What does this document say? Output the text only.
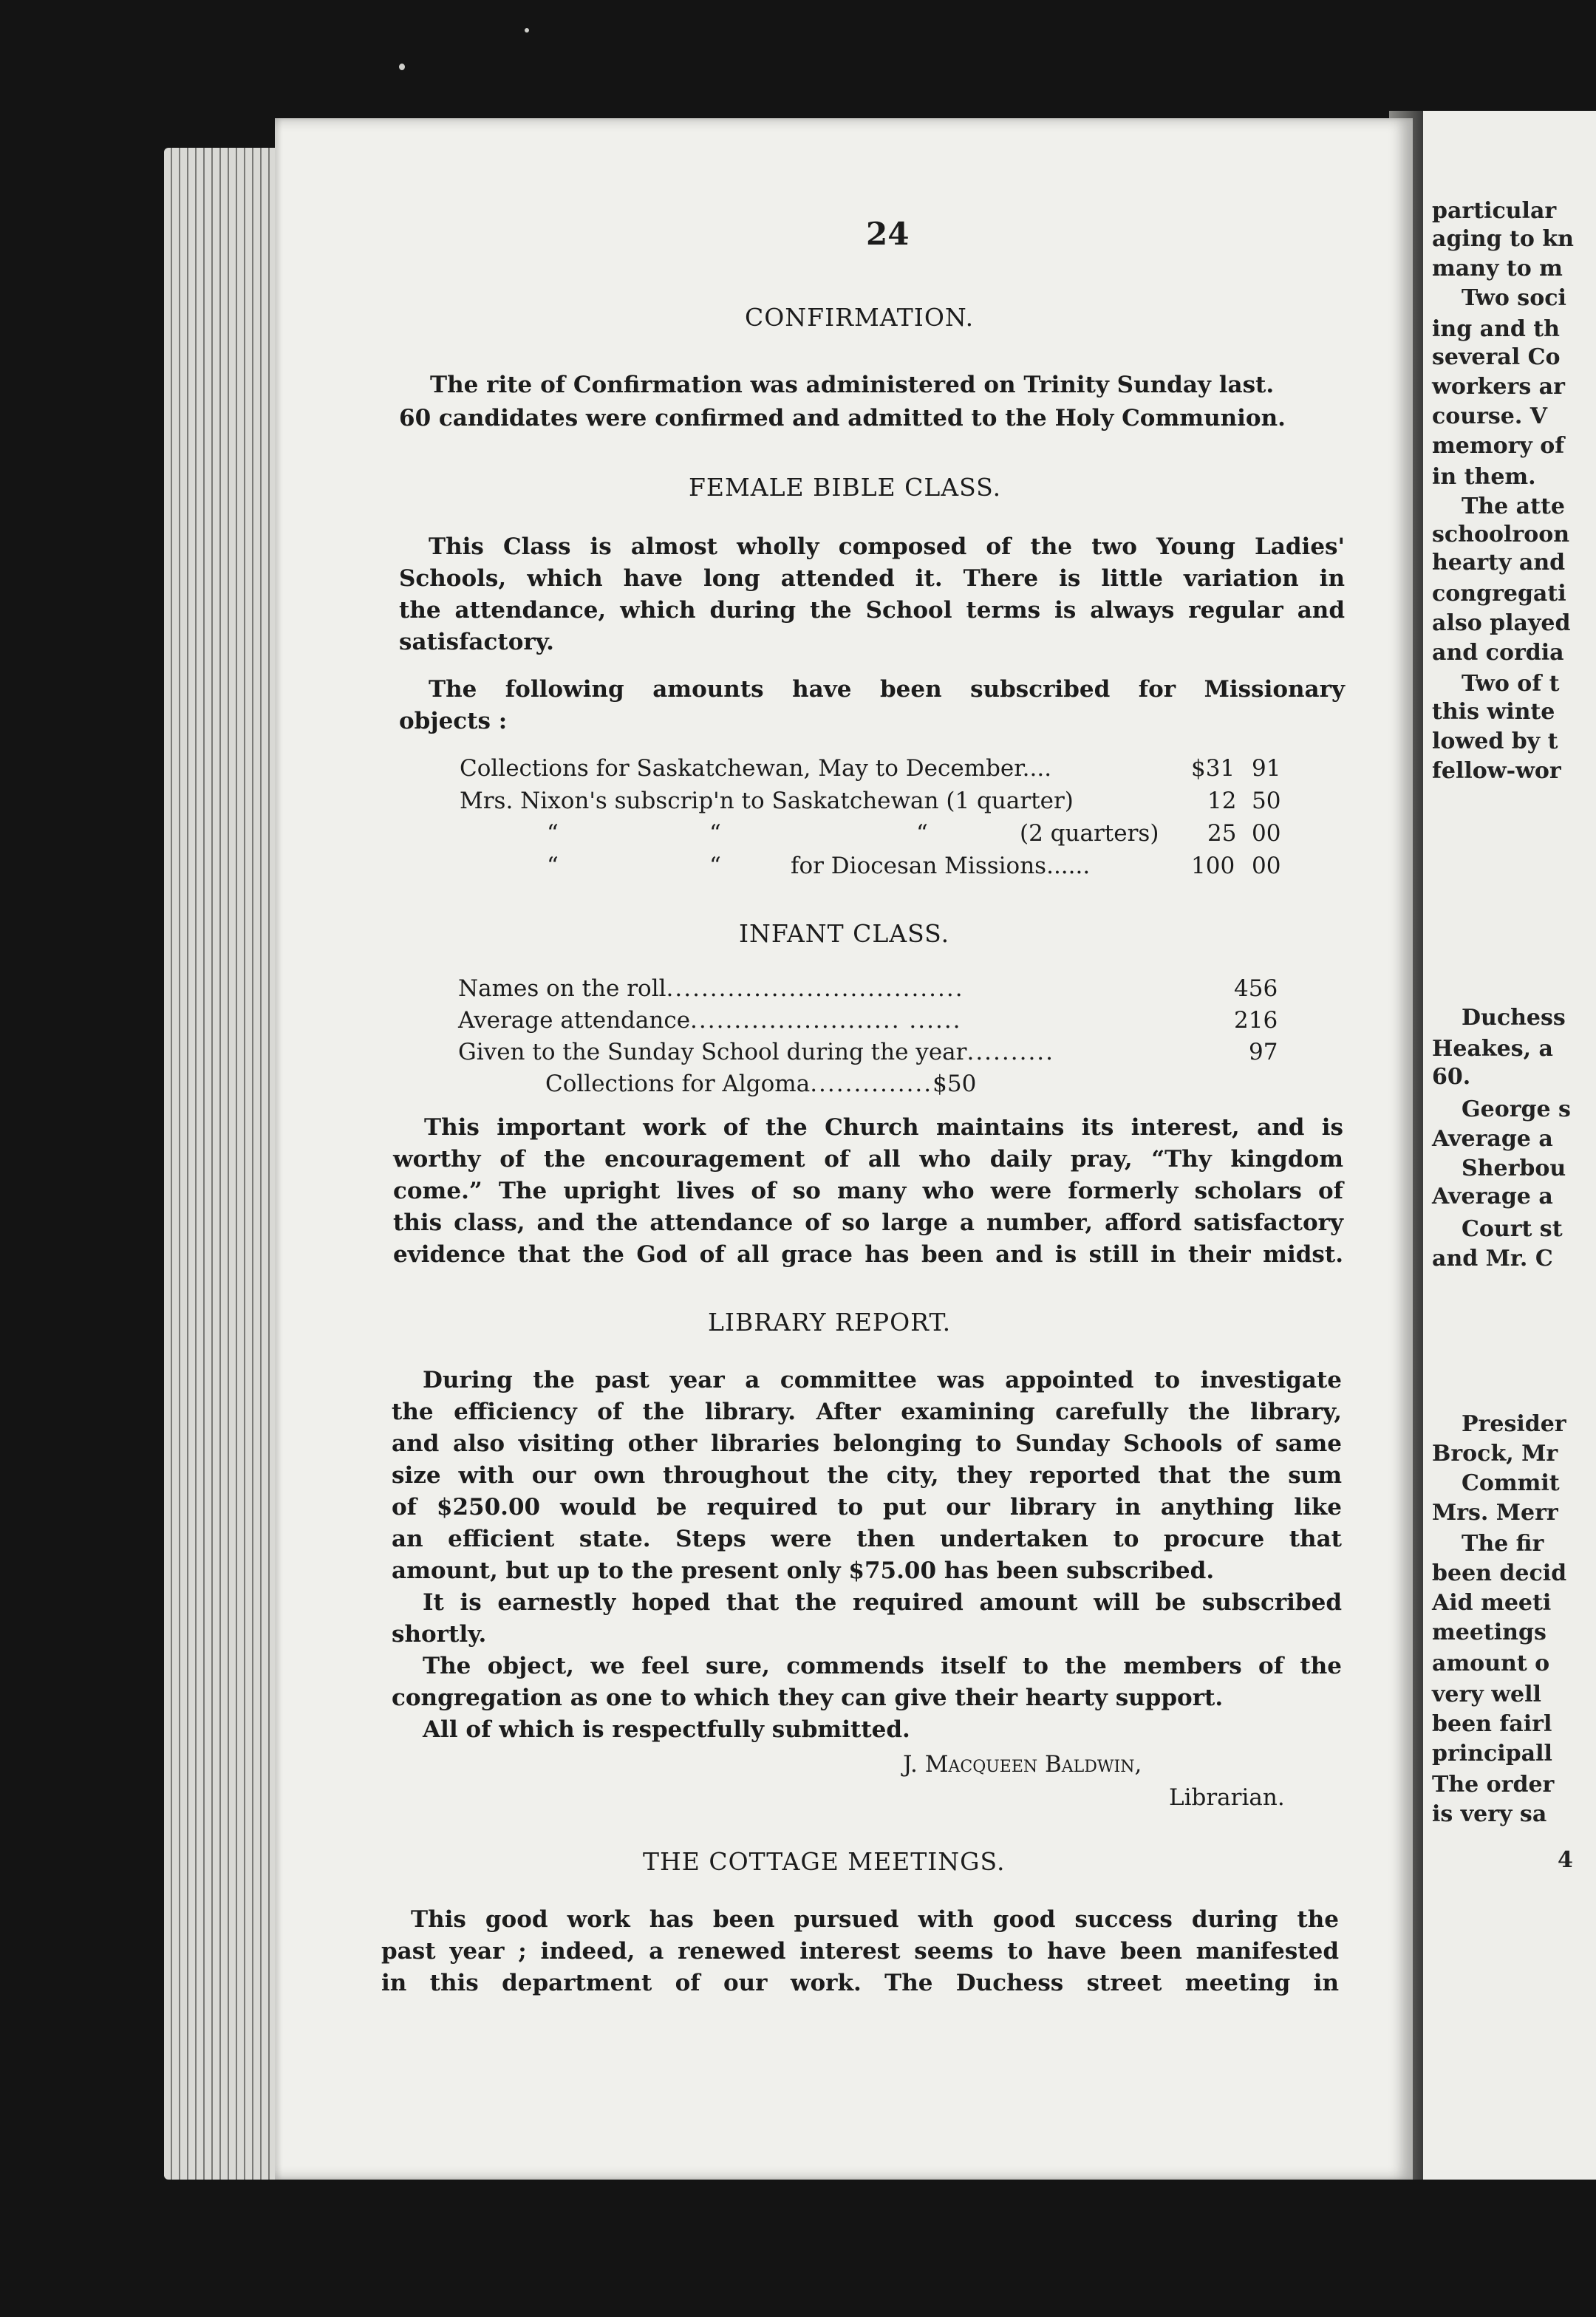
particular
aging to kn
many to m
Two soci
ing and th
several Co
workers ar
course. V
memory of
in them.
The atte
schoolroon
hearty and
congregati
also played
and cordia
Two of t
this winte
lowed by t
fellow-wor
Duchess
Heakes, a
60.
George s
Average a
Sherbou
Average a
Court st
and Mr. C
Presider
Brock, Mr
Commit
Mrs. Merr
The fir
been decid
Aid meeti
meetings
amount o
very well
been fairl
principall
The order
is very sa
4
24
CONFIRMATION.
The rite of Confirmation was administered on Trinity Sunday last.
60 candidates were confirmed and admitted to the Holy Communion.
FEMALE BIBLE CLASS.
This Class is almost wholly composed of the two Young Ladies'
Schools, which have long attended it. There is little variation in
the attendance, which during the School terms is always regular and
satisfactory.
The following amounts have been subscribed for Missionary
objects :
Collections for Saskatchewan, May to December....	$31 91
Mrs. Nixon's subscrip'n to Saskatchewan (1 quarter)	12 50
“	“	“	(2 quarters) 25 00
“	“	for Diocesan Missions......	100 00
INFANT CLASS.
Names on the roll..................................	456
Average attendance........................ ......	216
Given to the Sunday School during the year..........	97
Collections for Algoma..............$50
This important work of the Church maintains its interest, and is
worthy of the encouragement of all who daily pray, “Thy kingdom
come.” The upright lives of so many who were formerly scholars of
this class, and the attendance of so large a number, afford satisfactory
evidence that the God of all grace has been and is still in their midst.
LIBRARY REPORT.
During the past year a committee was appointed to investigate
the efficiency of the library. After examining carefully the library,
and also visiting other libraries belonging to Sunday Schools of same
size with our own throughout the city, they reported that the sum
of $250.00 would be required to put our library in anything like
an efficient state. Steps were then undertaken to procure that
amount, but up to the present only $75.00 has been subscribed.
It is earnestly hoped that the required amount will be subscribed
shortly.
The object, we feel sure, commends itself to the members of the
congregation as one to which they can give their hearty support.
All of which is respectfully submitted.
J. Macqueen Baldwin,
Librarian.
THE COTTAGE MEETINGS.
This good work has been pursued with good success during the
past year ; indeed, a renewed interest seems to have been manifested
in this department of our work. The Duchess street meeting in
